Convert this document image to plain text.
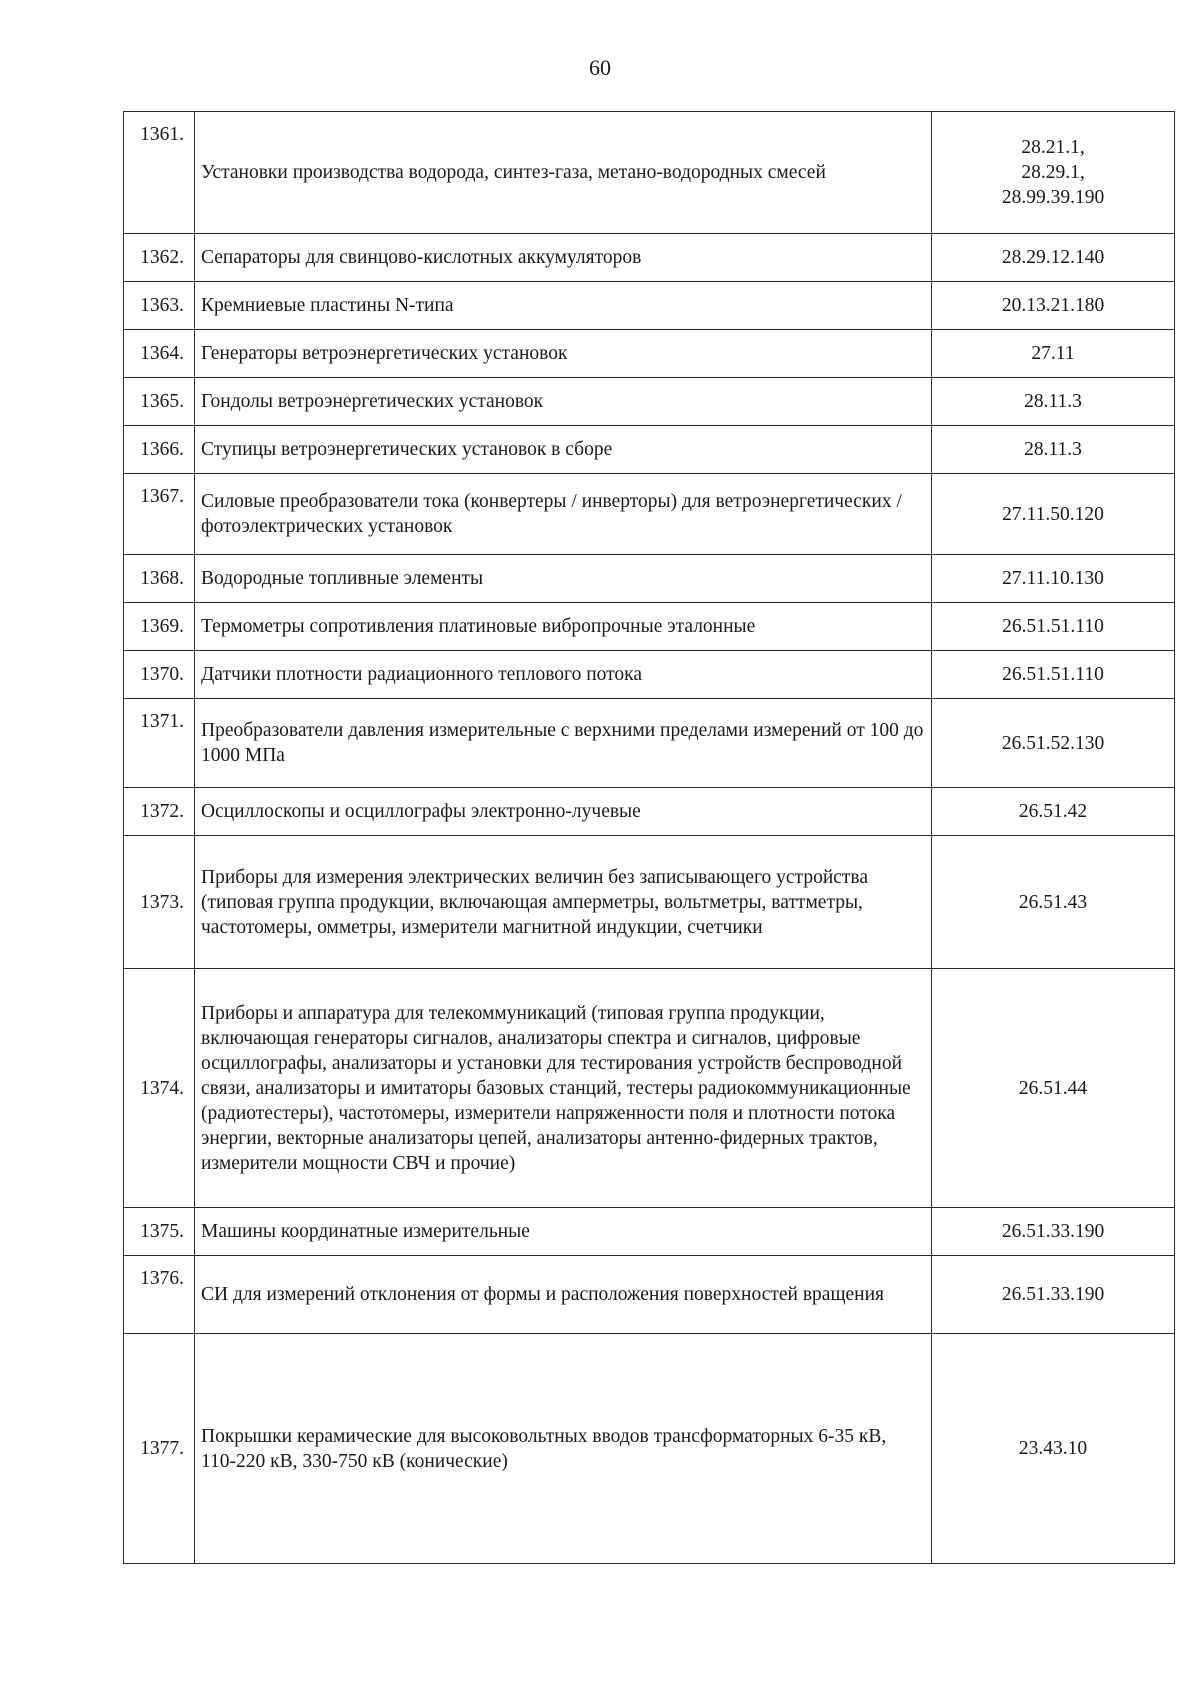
60
1361.	Установки производства водорода, синтез-газа, метано-водородных смесей	28.21.1,
28.29.1,
28.99.39.190

1362.	Сепараторы для свинцово-кислотных аккумуляторов	28.29.12.140
1363.	Кремниевые пластины N-типа	20.13.21.180
1364.	Генераторы ветроэнергетических установок	27.11
1365.	Гондолы ветроэнергетических установок	28.11.3
1366.	Ступицы ветроэнергетических установок в сборе	28.11.3
1367.	Силовые преобразователи тока (конвертеры / инверторы) для ветроэнергетических / фотоэлектрических установок	27.11.50.120
1368.	Водородные топливные элементы	27.11.10.130
1369.	Термометры сопротивления платиновые вибропрочные эталонные	26.51.51.110
1370.	Датчики плотности радиационного теплового потока	26.51.51.110
1371.	Преобразователи давления измерительные с верхними пределами измерений от 100 до 1000 МПа	26.51.52.130
1372.	Осциллоскопы и осциллографы электронно-лучевые	26.51.42
1373.	Приборы для измерения электрических величин без записывающего устройства (типовая группа продукции, включающая амперметры, вольтметры, ваттметры, частотомеры, омметры, измерители магнитной индукции, счетчики	26.51.43
1374.	Приборы и аппаратура для телекоммуникаций (типовая группа продукции, включающая генераторы сигналов, анализаторы спектра и сигналов, цифровые осциллографы, анализаторы и установки для тестирования устройств беспроводной связи, анализаторы и имитаторы базовых станций, тестеры радиокоммуникационные (радиотестеры), частотомеры, измерители напряженности поля и плотности потока энергии, векторные анализаторы цепей, анализаторы антенно-фидерных трактов, измерители мощности СВЧ и прочие)	26.51.44
1375.	Машины координатные измерительные	26.51.33.190
1376.	СИ для измерений отклонения от формы и расположения поверхностей вращения	26.51.33.190
1377.	Покрышки керамические для высоковольтных вводов трансформаторных 6-35 кВ, 110-220 кВ, 330-750 кВ (конические)	23.43.10
